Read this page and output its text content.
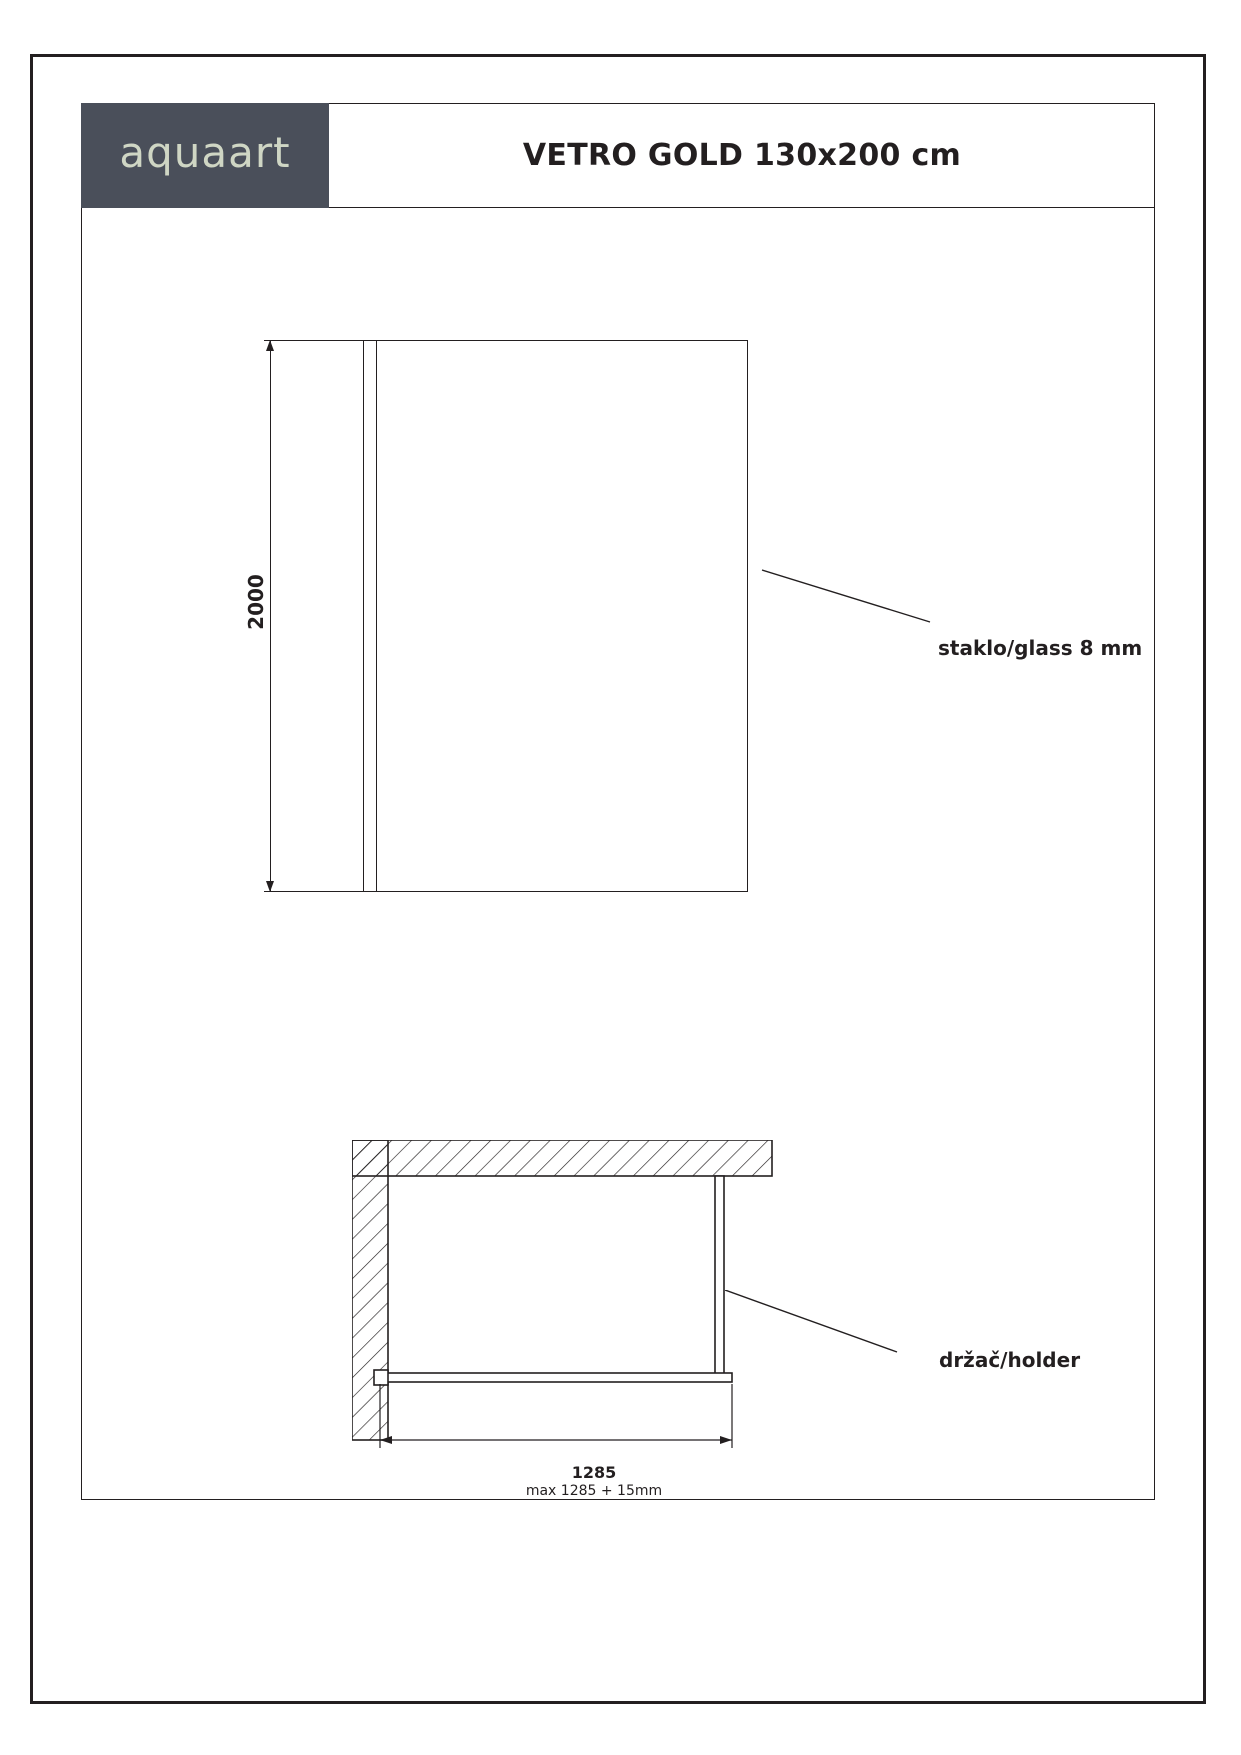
aquaart	VETRO GOLD 130x200 cm
2000
staklo/glass 8 mm
držač/holder
1285
max 1285 + 15mm
